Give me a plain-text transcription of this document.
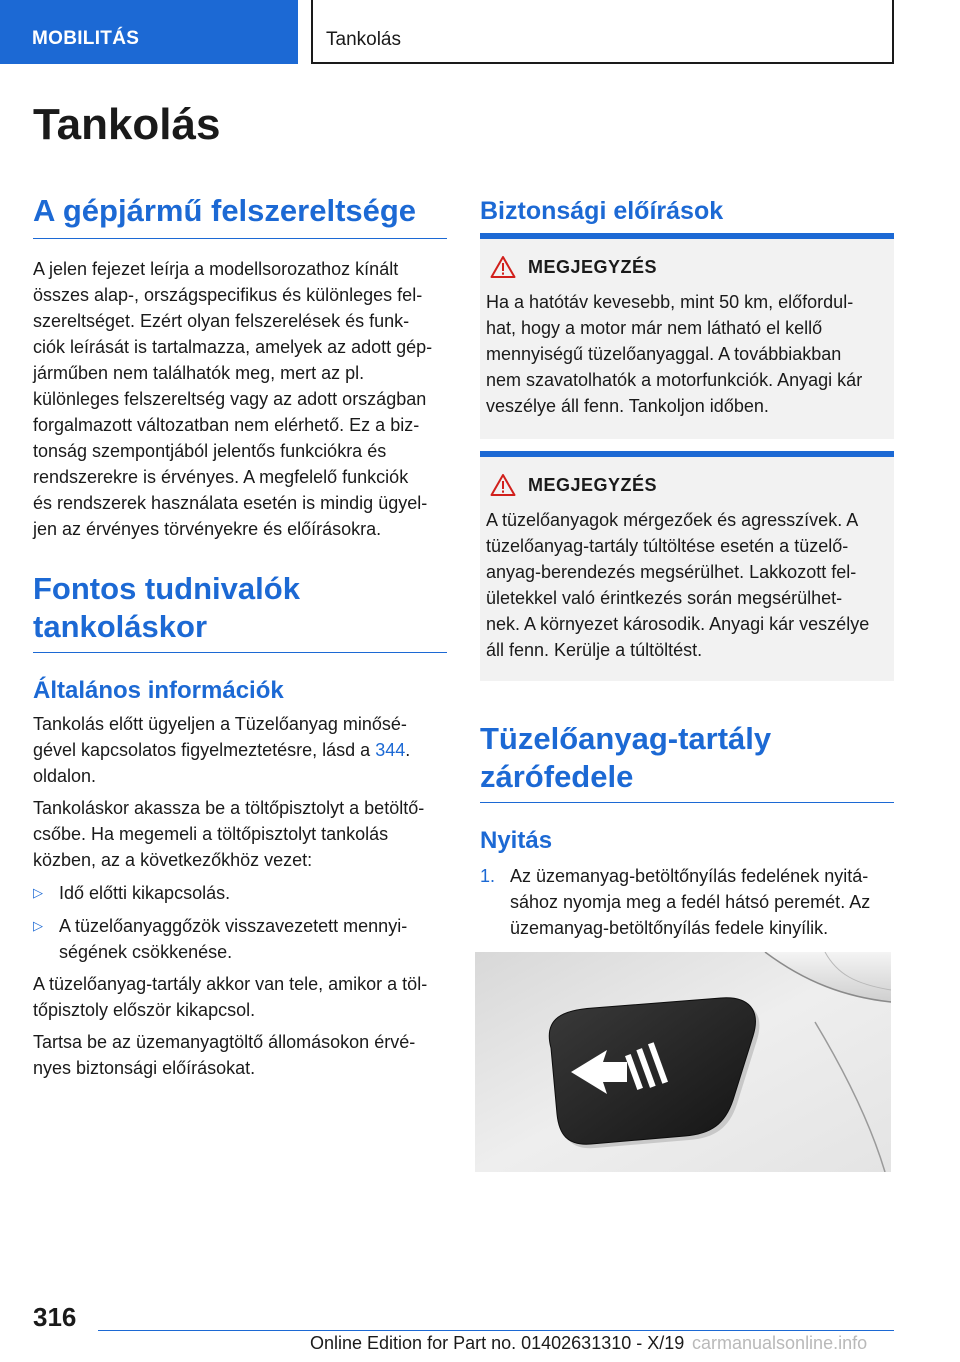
MOBILITÁS	Tankolás
Tankolás
A gépjármű felszereltsége
A jelen fejezet leírja a modellsorozathoz kínált
összes alap-, országspecifikus és különleges fel-
szereltséget. Ezért olyan felszerelések és funk-
ciók leírását is tartalmazza, amelyek az adott gép-
járműben nem találhatók meg, mert az pl.
különleges felszereltség vagy az adott országban
forgalmazott változatban nem elérhető. Ez a biz-
tonság szempontjából jelentős funkciókra és
rendszerekre is érvényes. A megfelelő funkciók
és rendszerek használata esetén is mindig ügyel-
jen az érvényes törvényekre és előírásokra.
Fontos tudnivalók
tankoláskor
Általános információk
Tankolás előtt ügyeljen a Tüzelőanyag minősé-
gével kapcsolatos figyelmeztetésre, lásd a 344.
oldalon.
Tankoláskor akassza be a töltőpisztolyt a betöltő-
csőbe. Ha megemeli a töltőpisztolyt tankolás
közben, az a következőkhöz vezet:
▷ Idő előtti kikapcsolás.
▷ A tüzelőanyaggőzök visszavezetett mennyi-
ségének csökkenése.
A tüzelőanyag-tartály akkor van tele, amikor a töl-
tőpisztoly először kikapcsol.
Tartsa be az üzemanyagtöltő állomásokon érvé-
nyes biztonsági előírásokat.
Biztonsági előírások
MEGJEGYZÉS
Ha a hatótáv kevesebb, mint 50 km, előfordul-
hat, hogy a motor már nem látható el kellő
mennyiségű tüzelőanyaggal. A továbbiakban
nem szavatolhatók a motorfunkciók. Anyagi kár
veszélye áll fenn. Tankoljon időben.
MEGJEGYZÉS
A tüzelőanyagok mérgezőek és agresszívek. A
tüzelőanyag-tartály túltöltése esetén a tüzelő-
anyag-berendezés megsérülhet. Lakkozott fel-
ületekkel való érintkezés során megsérülhet-
nek. A környezet károsodik. Anyagi kár veszélye
áll fenn. Kerülje a túltöltést.
Tüzelőanyag-tartály
zárófedele
Nyitás
1. Az üzemanyag-betöltőnyílás fedelének nyitá-
sához nyomja meg a fedél hátsó peremét. Az
üzemanyag-betöltőnyílás fedele kinyílik.
316
Online Edition for Part no. 01402631310 - X/19 carmanualsonline.info
